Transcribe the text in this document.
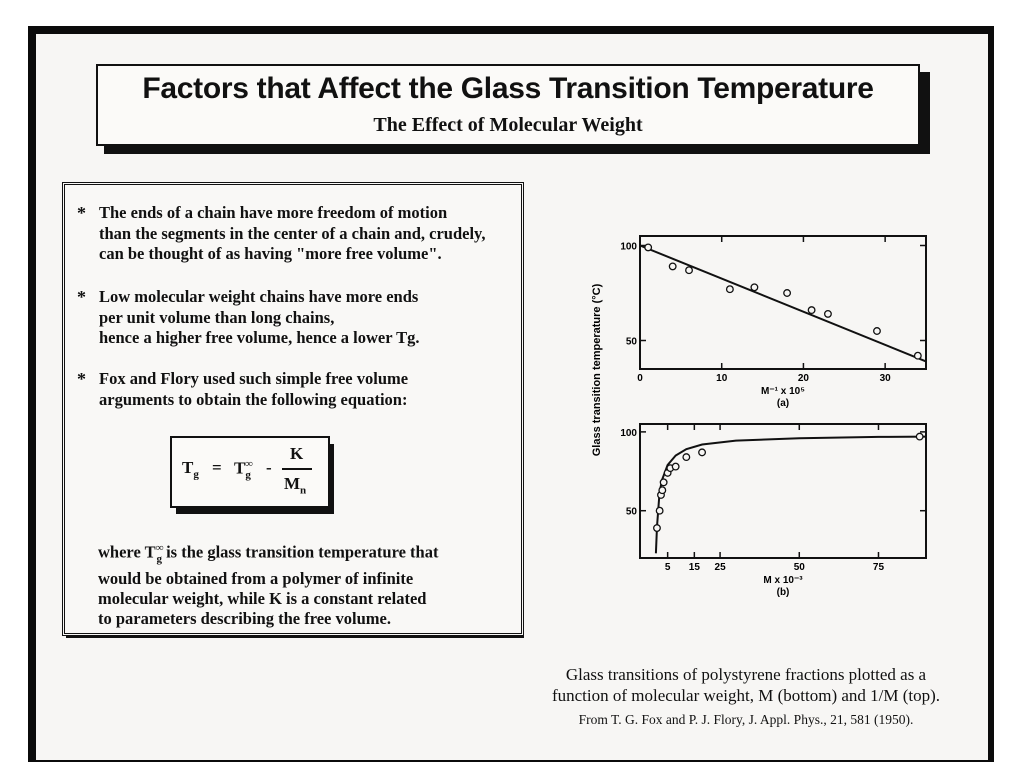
Factors that Affect the Glass Transition Temperature
The Effect of Molecular Weight
* The ends of a chain have more freedom of motion
than the segments in the center of a chain and, crudely,
can be thought of as having "more free volume".
* Low molecular weight chains have more ends
per unit volume than long chains,
hence a higher free volume, hence a lower Tg.
* Fox and Flory used such simple free volume
arguments to obtain the following equation:
$T_g = T_g^\infty$ -
K
$M_n$
where $T^\infty_g$ is the glass transition temperature that
would be obtained from a polymer of infinite
molecular weight, while K is a constant related
to parameters describing the free volume.
Glass transition temperature (°C)	0	10	20	30
50
100
M⁻¹ x 10⁵
(a)
5 15 25	50	75
50
100
M x 10⁻³
(b)
Glass transitions of polystyrene fractions plotted as a
function of molecular weight, M (bottom) and 1/M (top).
From T. G. Fox and P. J. Flory, J. Appl. Phys., 21, 581 (1950).
